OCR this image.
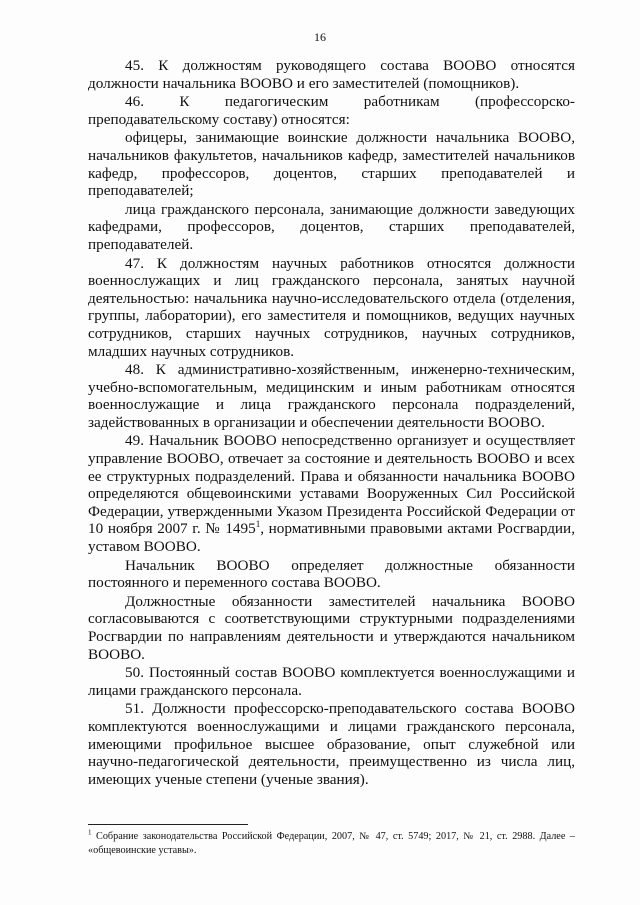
16

45. К должностям руководящего состава ВООВО относятся должности начальника ВООВО и его заместителей (помощников).

46. К педагогическим работникам (профессорско-преподавательскому составу) относятся:

офицеры, занимающие воинские должности начальника ВООВО, начальников факультетов, начальников кафедр, заместителей начальников кафедр, профессоров, доцентов, старших преподавателей и преподавателей;

лица гражданского персонала, занимающие должности заведующих кафедрами, профессоров, доцентов, старших преподавателей, преподавателей.

47. К должностям научных работников относятся должности военнослужащих и лиц гражданского персонала, занятых научной деятельностью: начальника научно-исследовательского отдела (отделения, группы, лаборатории), его заместителя и помощников, ведущих научных сотрудников, старших научных сотрудников, научных сотрудников, младших научных сотрудников.

48. К административно-хозяйственным, инженерно-техническим, учебно-вспомогательным, медицинским и иным работникам относятся военнослужащие и лица гражданского персонала подразделений, задействованных в организации и обеспечении деятельности ВООВО.

49. Начальник ВООВО непосредственно организует и осуществляет управление ВООВО, отвечает за состояние и деятельность ВООВО и всех ее структурных подразделений. Права и обязанности начальника ВООВО определяются общевоинскими уставами Вооруженных Сил Российской Федерации, утвержденными Указом Президента Российской Федерации от 10 ноября 2007 г. № 1495$^1$, нормативными правовыми актами Росгвардии, уставом ВООВО.

Начальник ВООВО определяет должностные обязанности постоянного и переменного состава ВООВО.

Должностные обязанности заместителей начальника ВООВО согласовываются с соответствующими структурными подразделениями Росгвардии по направлениям деятельности и утверждаются начальником ВООВО.

50. Постоянный состав ВООВО комплектуется военнослужащими и лицами гражданского персонала.

51. Должности профессорско-преподавательского состава ВООВО комплектуются военнослужащими и лицами гражданского персонала, имеющими профильное высшее образование, опыт служебной или научно-педагогической деятельности, преимущественно из числа лиц, имеющих ученые степени (ученые звания).

$^1$ Собрание законодательства Российской Федерации, 2007, № 47, ст. 5749; 2017, № 21, ст. 2988. Далее – «общевоинские уставы».
